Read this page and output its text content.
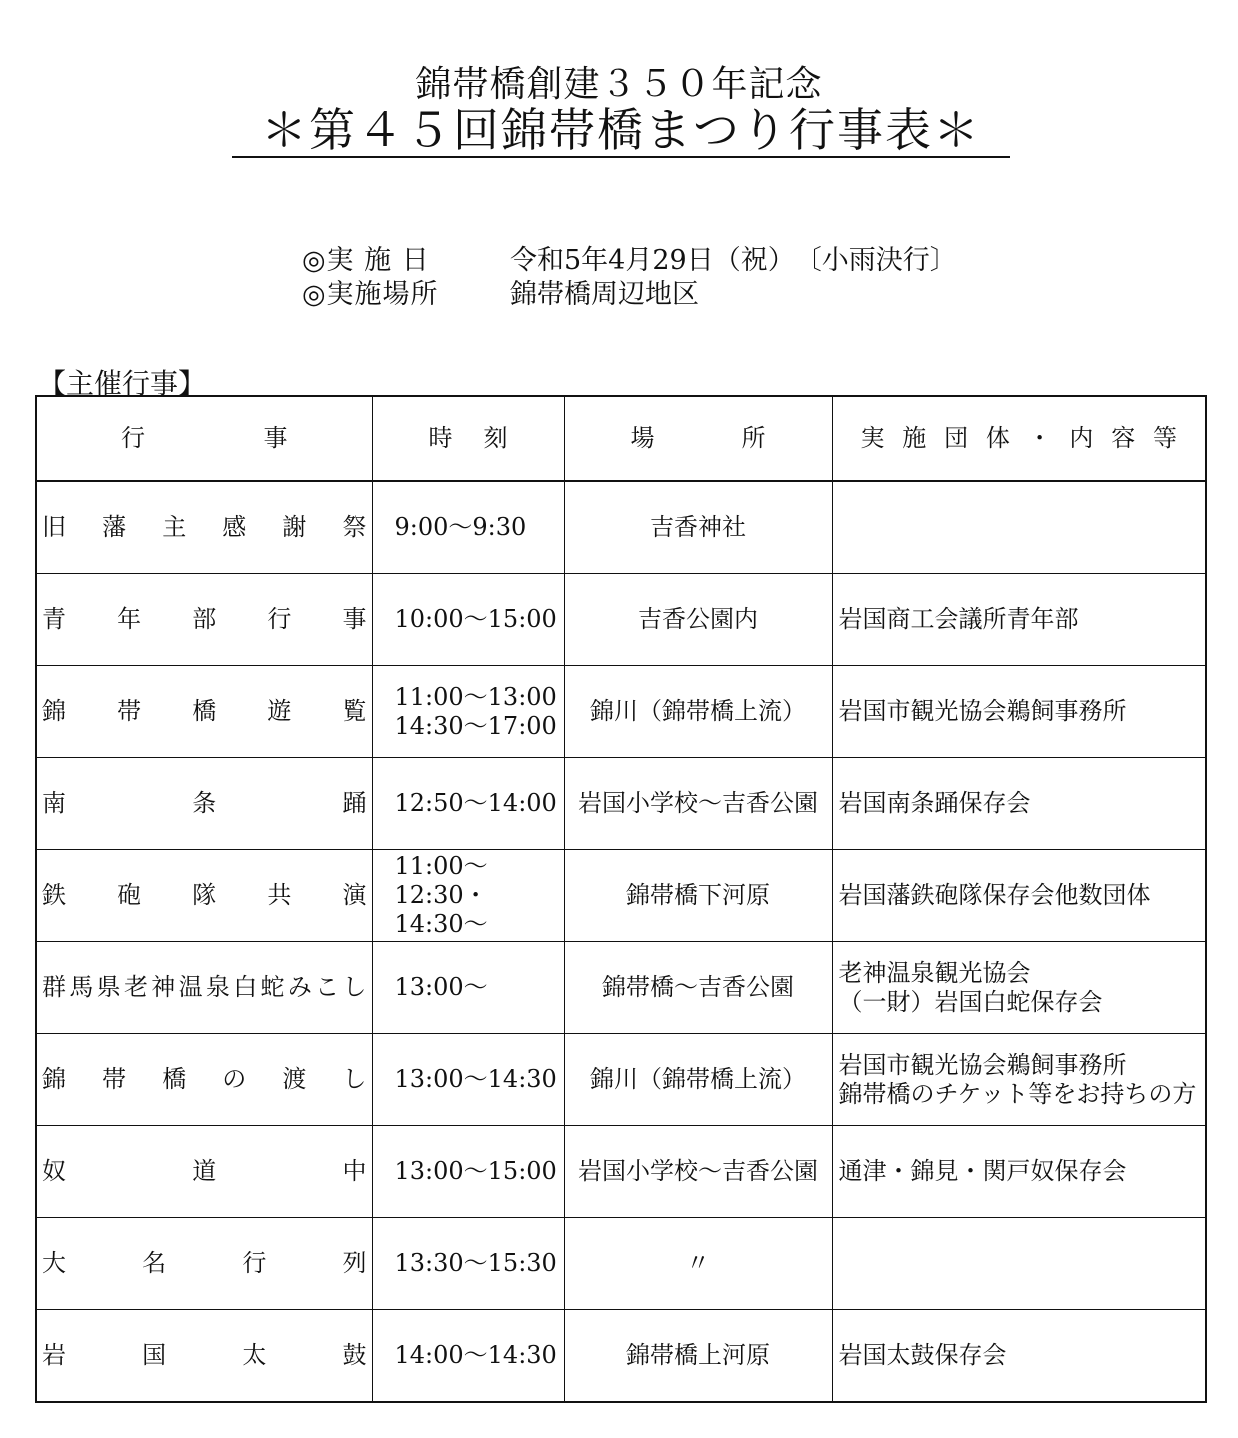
錦帯橋創建３５０年記念
＊第４５回錦帯橋まつり行事表＊
◎実 施 日	令和5年4月29日（祝）　〔小雨決行〕
◎実施場所	錦帯橋周辺地区
【主催行事】
行事	時刻	場所	実施団体・内容等
旧藩主感謝祭	9:00～9:30	吉香神社	
青年部行事	10:00～15:00	吉香公園内	岩国商工会議所青年部
錦帯橋遊覧	11:00～13:00
14:30～17:00	錦川（錦帯橋上流）	岩国市観光協会鵜飼事務所
南条踊	12:50～14:00	岩国小学校～吉香公園	岩国南条踊保存会
鉄砲隊共演	11:00～12:30・
14:30～	錦帯橋下河原	岩国藩鉄砲隊保存会他数団体
群馬県老神温泉白蛇みこし	13:00～	錦帯橋～吉香公園	老神温泉観光協会
（一財）岩国白蛇保存会
錦帯橋の渡し	13:00～14:30	錦川（錦帯橋上流）	岩国市観光協会鵜飼事務所
錦帯橋のチケット等をお持ちの方
奴道中	13:00～15:00	岩国小学校～吉香公園	通津・錦見・関戸奴保存会
大名行列	13:30～15:30	〃	
岩国太鼓	14:00～14:30	錦帯橋上河原	岩国太鼓保存会
